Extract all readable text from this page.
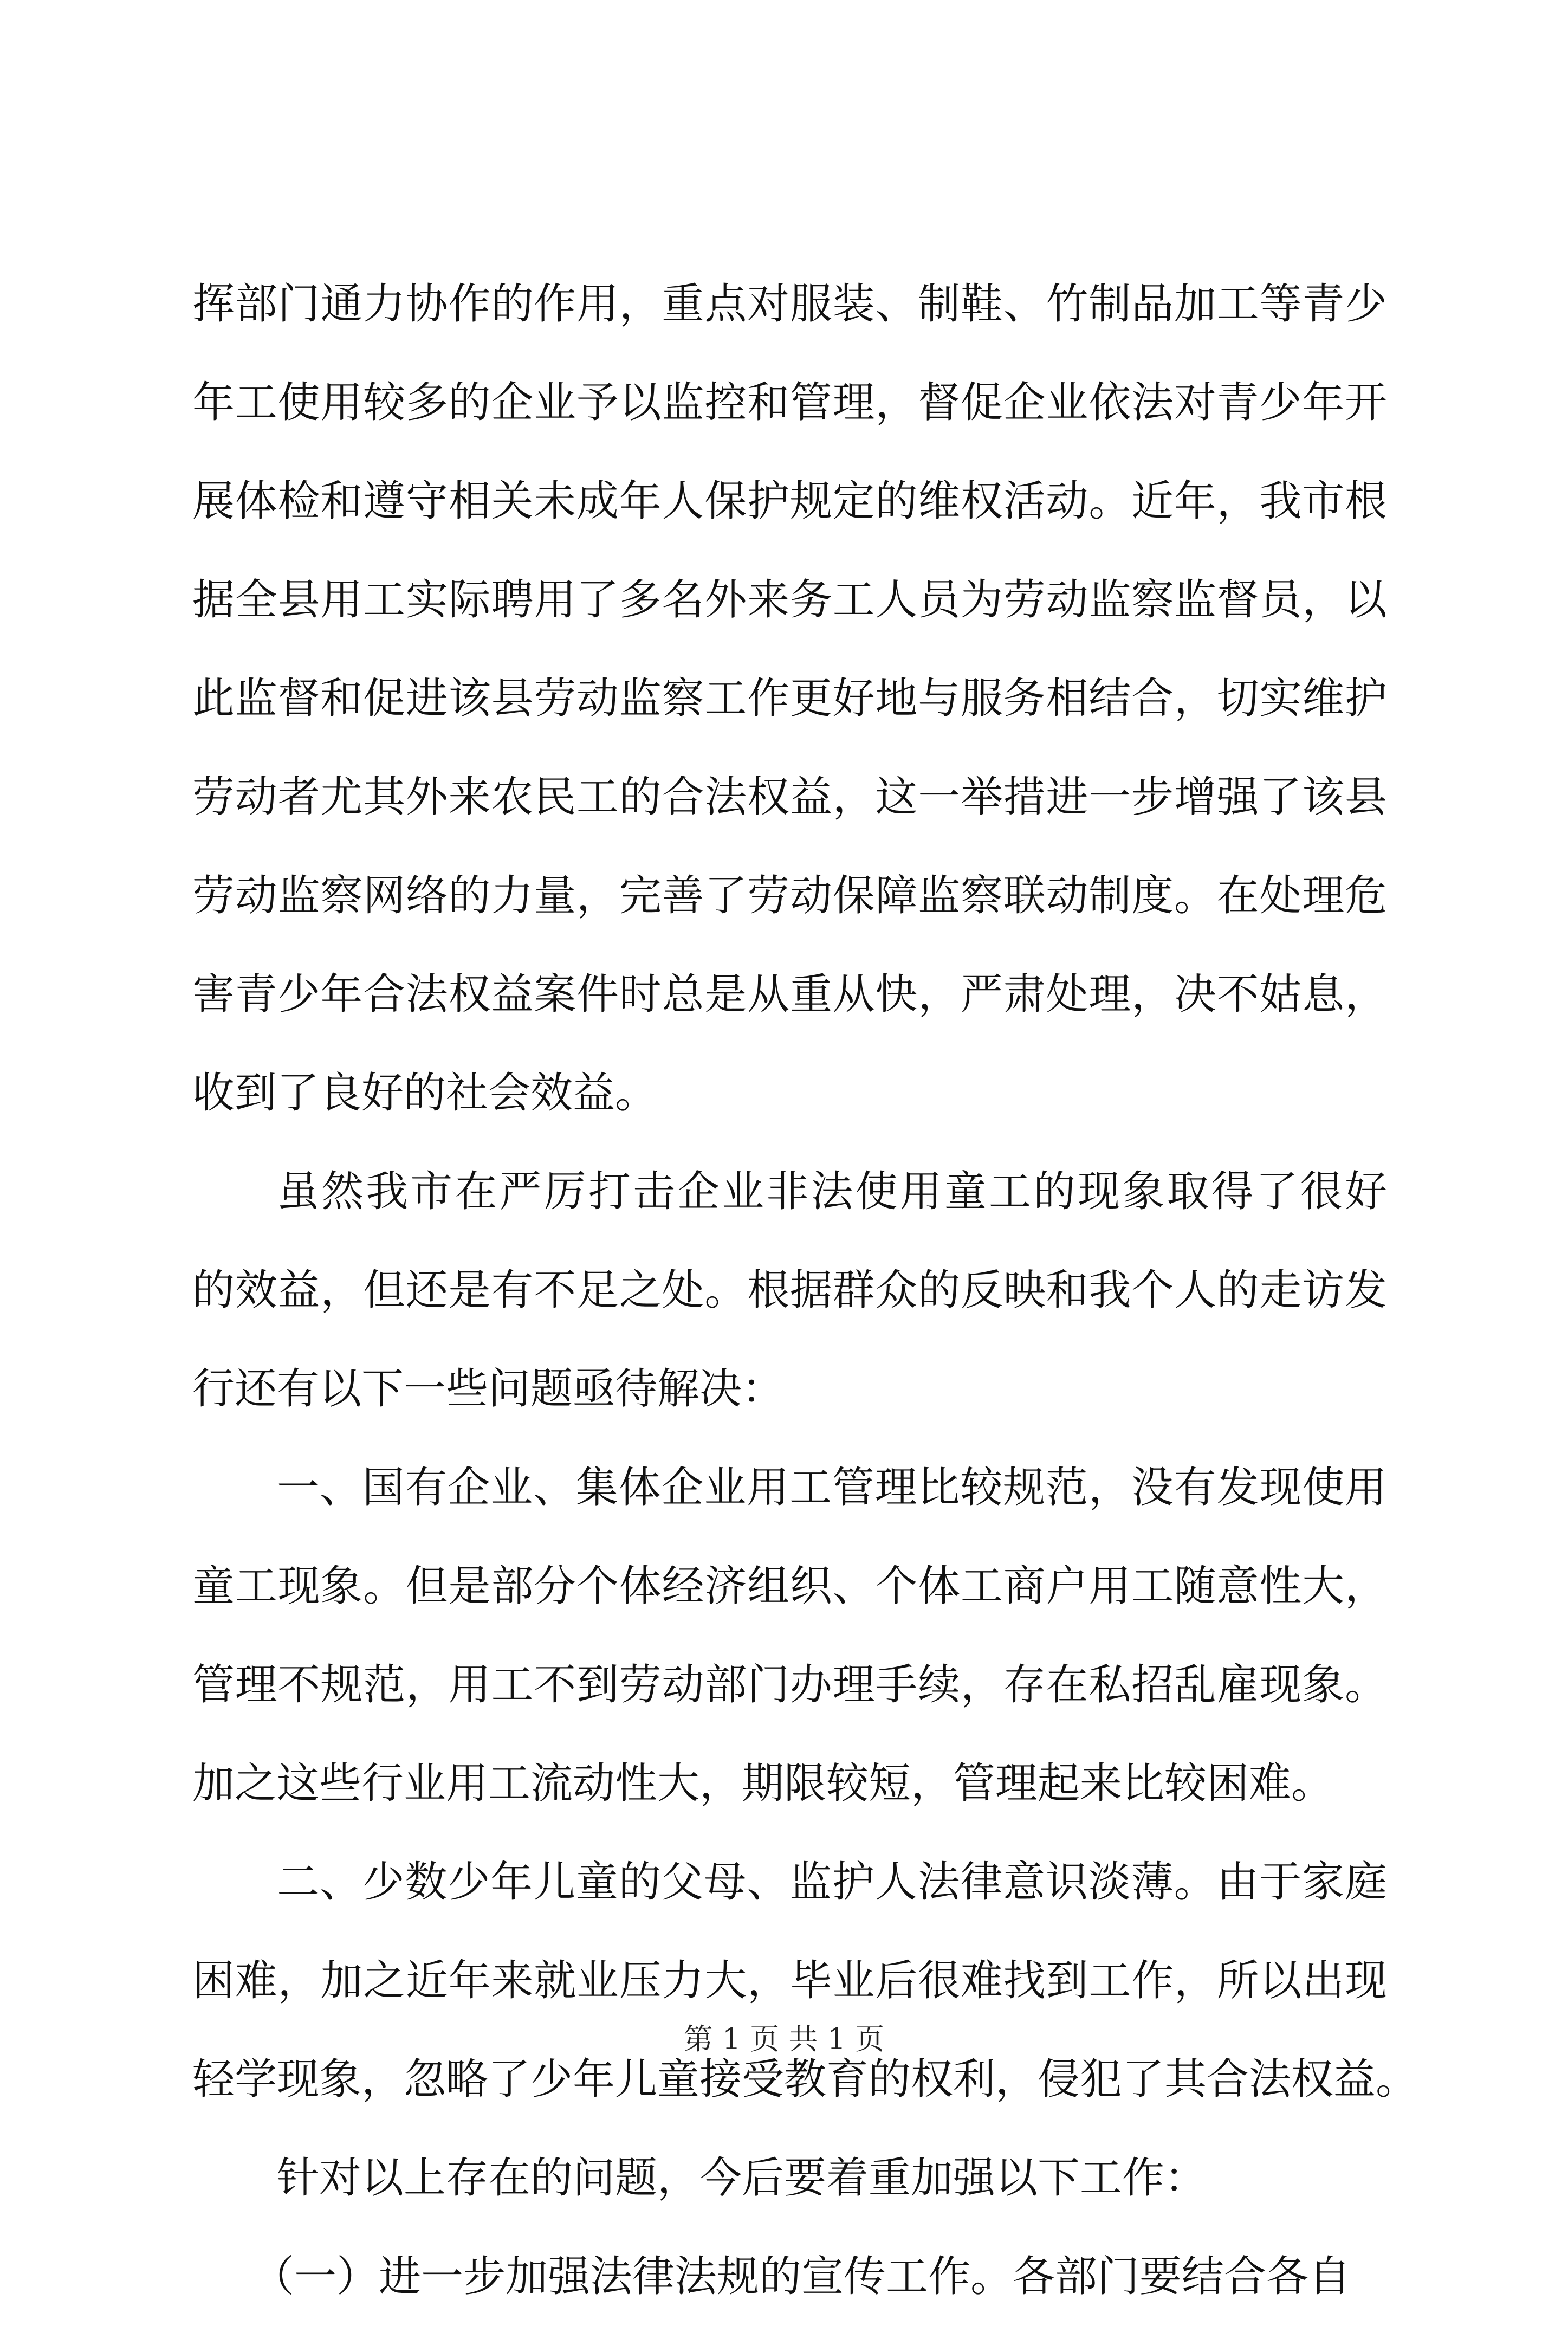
挥部门通力协作的作用，重点对服装、制鞋、竹制品加工等青少
年工使用较多的企业予以监控和管理，督促企业依法对青少年开
展体检和遵守相关未成年人保护规定的维权活动。近年，我市根
据全县用工实际聘用了多名外来务工人员为劳动监察监督员，以
此监督和促进该县劳动监察工作更好地与服务相结合，切实维护
劳动者尤其外来农民工的合法权益，这一举措进一步增强了该县
劳动监察网络的力量，完善了劳动保障监察联动制度。在处理危
害青少年合法权益案件时总是从重从快，严肃处理，决不姑息，
收到了良好的社会效益。
虽然我市在严厉打击企业非法使用童工的现象取得了很好
的效益，但还是有不足之处。根据群众的反映和我个人的走访发
行还有以下一些问题亟待解决：
一、国有企业、集体企业用工管理比较规范，没有发现使用
童工现象。但是部分个体经济组织、个体工商户用工随意性大，
管理不规范，用工不到劳动部门办理手续，存在私招乱雇现象。
加之这些行业用工流动性大，期限较短，管理起来比较困难。
二、少数少年儿童的父母、监护人法律意识淡薄。由于家庭
困难，加之近年来就业压力大，毕业后很难找到工作，所以出现
轻学现象，忽略了少年儿童接受教育的权利，侵犯了其合法权益。
针对以上存在的问题，今后要着重加强以下工作：
（一）进一步加强法律法规的宣传工作。各部门要结合各自
第 1 页 共 1 页
